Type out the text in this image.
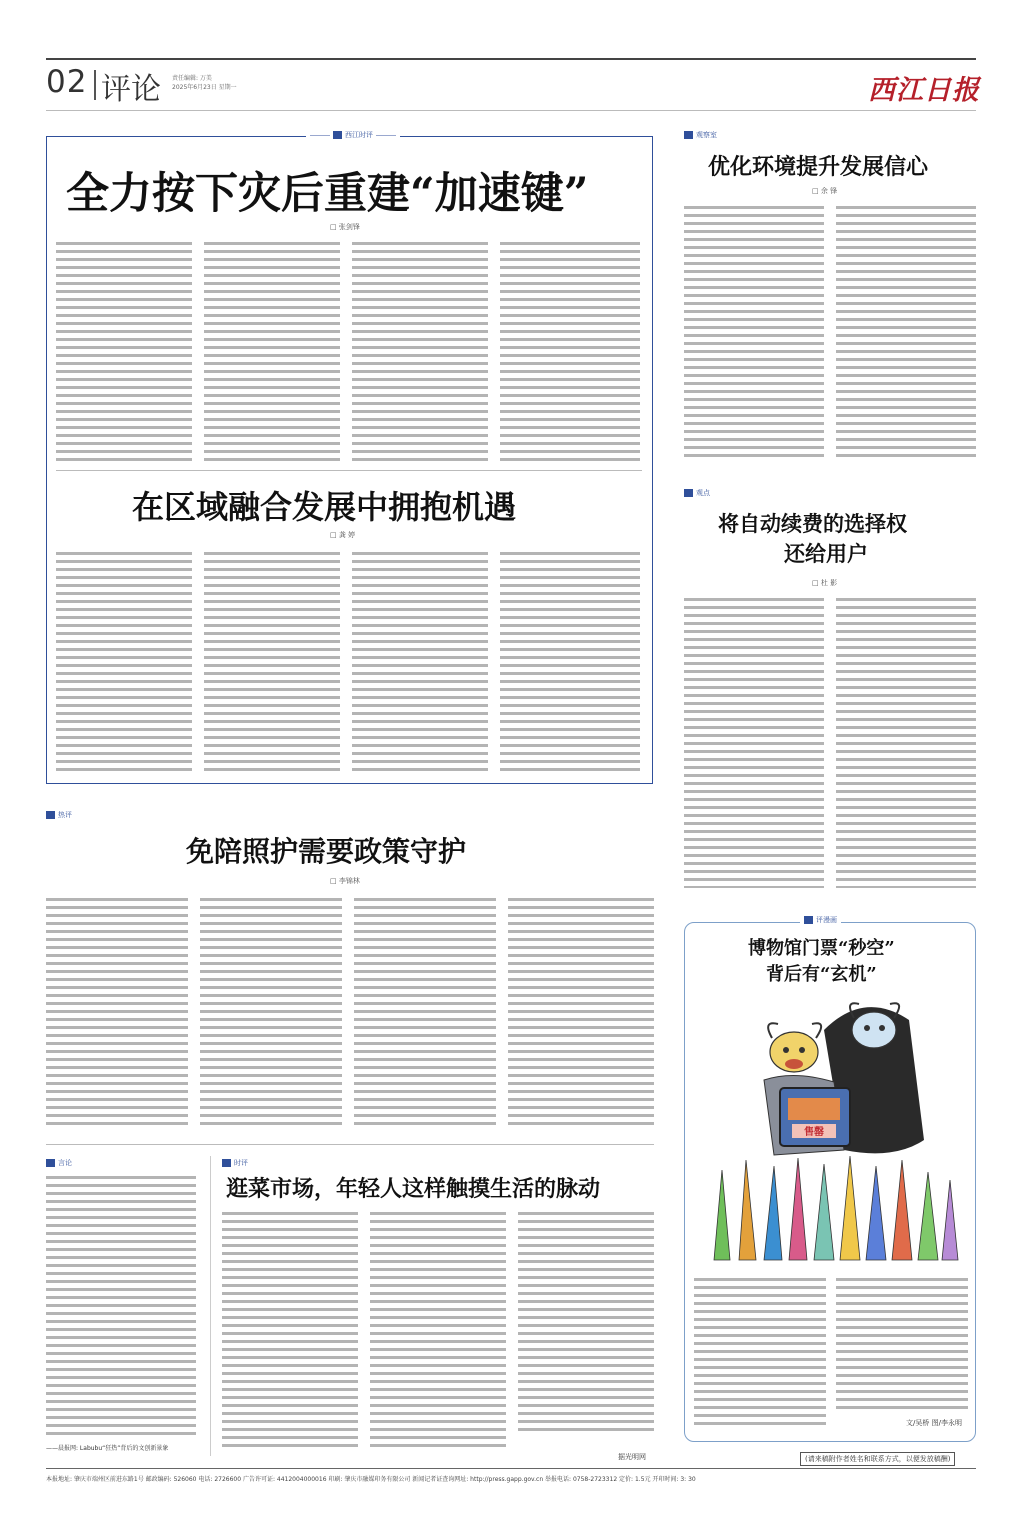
02 评论 责任编辑: 万美
2025年6月23日 星期一	西江日报
西江时评
全力按下灾后重建“加速键”
□ 张剑锋
在区域融合发展中拥抱机遇
□ 龚 婷
观察室
优化环境提升发展信心
□ 余 锋
观点
将自动续费的选择权
还给用户
□ 杜 影
热评
免陪照护需要政策守护
□ 李锦林
言论
——晨报网: Labubu“狂热”背后的文创新景象
时评
逛菜市场，年轻人这样触摸生活的脉动
据光明网
评漫画
博物馆门票“秒空”
背后有“玄机”
售罄
文/吴桥 图/李永明
(请来稿附作者姓名和联系方式，以便发放稿酬)
本报地址: 肇庆市端州区前进东路1号 邮政编码: 526060 电话: 2726600 广告许可证: 4412004000016 印刷: 肇庆市融媒印务有限公司 新闻记者证查询网址: http://press.gapp.gov.cn 举报电话: 0758-2723312 定价: 1.5元 开印时间: 3: 30
